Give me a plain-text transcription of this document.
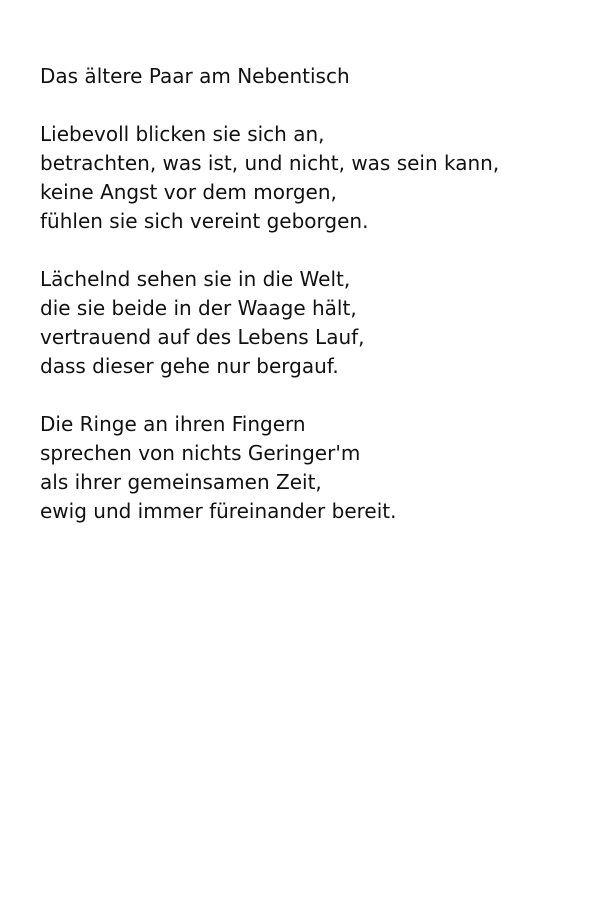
Das ältere Paar am Nebentisch
Liebevoll blicken sie sich an,
betrachten, was ist, und nicht, was sein kann,
keine Angst vor dem morgen,
fühlen sie sich vereint geborgen.
Lächelnd sehen sie in die Welt,
die sie beide in der Waage hält,
vertrauend auf des Lebens Lauf,
dass dieser gehe nur bergauf.
Die Ringe an ihren Fingern
sprechen von nichts Geringer'm
als ihrer gemeinsamen Zeit,
ewig und immer füreinander bereit.
